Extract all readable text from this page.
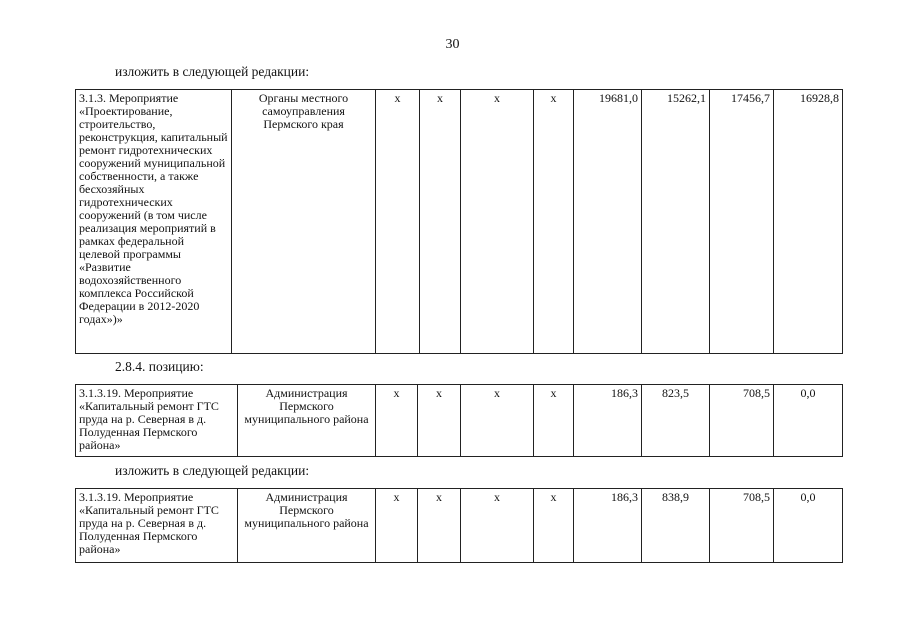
30
изложить в следующей редакции:
3.1.3. Мероприятие «Проектирование, строительство, реконструкция, капитальный ремонт гидротехнических сооружений муниципальной собственности, а также бесхозяйных гидротехнических сооружений (в том числе реализация мероприятий в рамках федеральной целевой программы «Развитие водохозяйственного комплекса Российской Федерации в 2012-2020 годах»)»	Органы местного самоуправления Пермского края	x	x	x	x	19681,0	15262,1	17456,7	16928,8
2.8.4. позицию:
3.1.3.19. Мероприятие «Капитальный ремонт ГТС пруда на р. Северная в д. Полуденная Пермского района»	Администрация Пермского муниципального района	x	x	x	x	186,3	823,5	708,5	0,0
изложить в следующей редакции:
3.1.3.19. Мероприятие «Капитальный ремонт ГТС пруда на р. Северная в д. Полуденная Пермского района»	Администрация Пермского муниципального района	x	x	x	x	186,3	838,9	708,5	0,0
